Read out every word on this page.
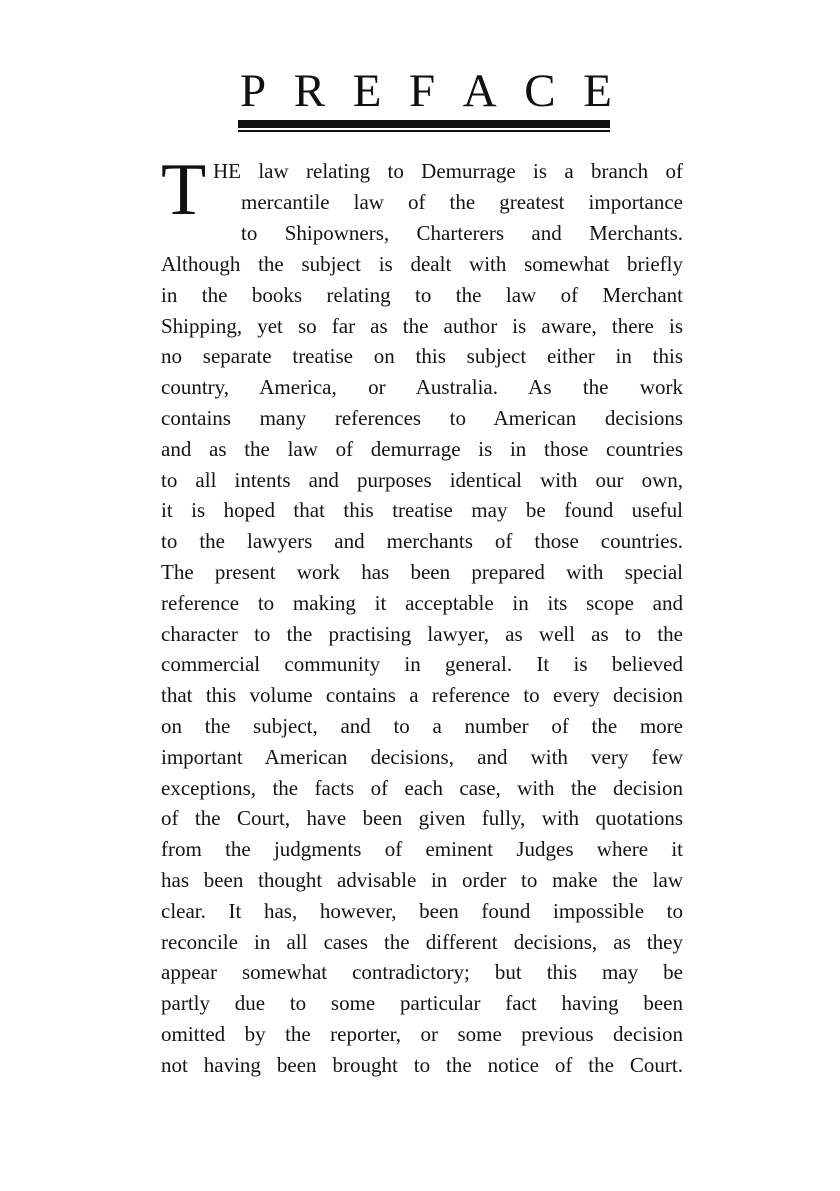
P R E F A C E
T HE law relating to Demurrage is a branch of
mercantile law of the greatest importance
to Shipowners, Charterers and Merchants.
Although the subject is dealt with somewhat briefly
in the books relating to the law of Merchant
Shipping, yet so far as the author is aware, there is
no separate treatise on this subject either in this
country, America, or Australia. As the work
contains many references to American decisions
and as the law of demurrage is in those countries
to all intents and purposes identical with our own,
it is hoped that this treatise may be found useful
to the lawyers and merchants of those countries.
The present work has been prepared with special
reference to making it acceptable in its scope and
character to the practising lawyer, as well as to the
commercial community in general. It is believed
that this volume contains a reference to every decision
on the subject, and to a number of the more
important American decisions, and with very few
exceptions, the facts of each case, with the decision
of the Court, have been given fully, with quotations
from the judgments of eminent Judges where it
has been thought advisable in order to make the law
clear. It has, however, been found impossible to
reconcile in all cases the different decisions, as they
appear somewhat contradictory; but this may be
partly due to some particular fact having been
omitted by the reporter, or some previous decision
not having been brought to the notice of the Court.
